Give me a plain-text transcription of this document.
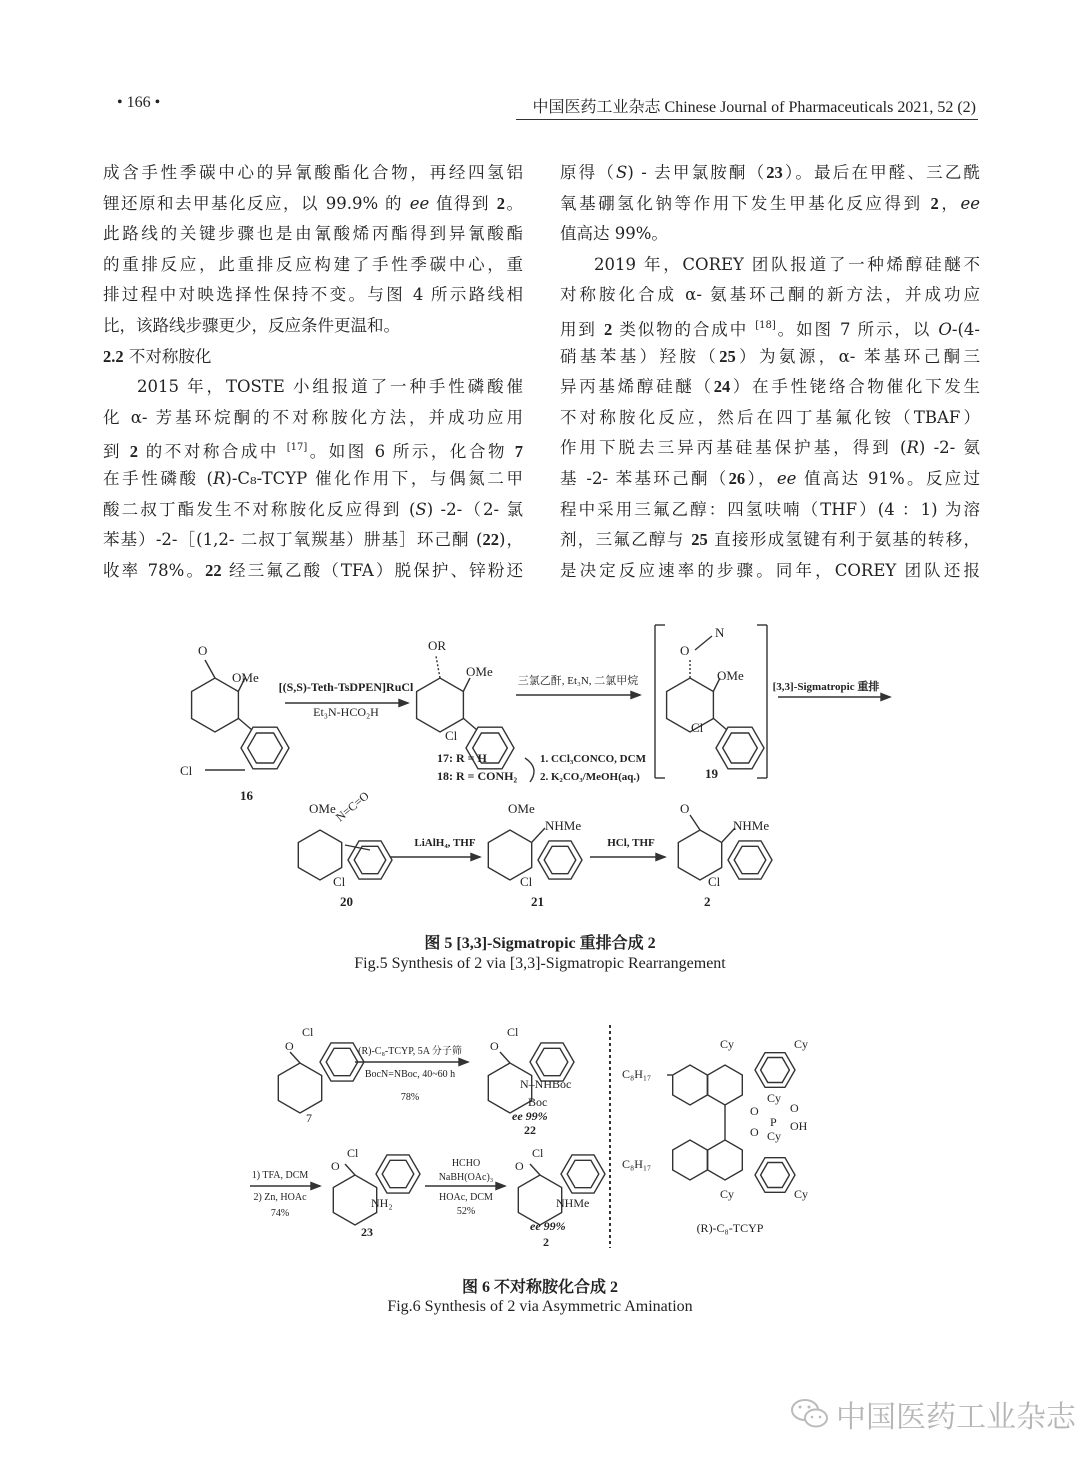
• 166 •	中国医药工业杂志 Chinese Journal of Pharmaceuticals 2021, 52 (2)
成含手性季碳中心的异氰酸酯化合物，再经四氢铝
锂还原和去甲基化反应，以 99.9% 的 ee 值得到 2。
此路线的关键步骤也是由氰酸烯丙酯得到异氰酸酯
的重排反应，此重排反应构建了手性季碳中心，重
排过程中对映选择性保持不变。与图 4 所示路线相
比，该路线步骤更少，反应条件更温和。
2.2 不对称胺化
2015 年，TOSTE 小组报道了一种手性磷酸催
化 α- 芳基环烷酮的不对称胺化方法，并成功应用
到 2 的不对称合成中 [17]。如图 6 所示，化合物 7
在手性磷酸 (R)-C₈-TCYP 催化作用下，与偶氮二甲
酸二叔丁酯发生不对称胺化反应得到 (S) -2-（2- 氯
苯基）-2-［(1,2- 二叔丁氧羰基）肼基］环己酮 (22)，
收率 78%。22 经三氟乙酸（TFA）脱保护、锌粉还
原得（S) - 去甲氯胺酮（23）。最后在甲醛、三乙酰
氧基硼氢化钠等作用下发生甲基化反应得到 2，ee
值高达 99%。
2019 年，COREY 团队报道了一种烯醇硅醚不
对称胺化合成 α- 氨基环己酮的新方法，并成功应
用到 2 类似物的合成中 [18]。如图 7 所示，以 O-(4-
硝基苯基）羟胺（25）为氨源，α- 苯基环己酮三
异丙基烯醇硅醚（24）在手性铑络合物催化下发生
不对称胺化反应，然后在四丁基氟化铵（TBAF）
作用下脱去三异丙基硅基保护基，得到 (R) -2- 氨
基 -2- 苯基环己酮（26），ee 值高达 91%。反应过
程中采用三氟乙醇：四氢呋喃（THF）(4 ：1) 为溶
剂，三氟乙醇与 25 直接形成氢键有利于氨基的转移，
是决定反应速率的步骤。同年，COREY 团队还报
O
OMe
Cl
16
[(S,S)-Teth-TsDPEN]RuCl
Et₃N-HCO₂H
OR
OMe
Cl
17: R = H
18: R = CONH₂
1. CCl₃CONCO, DCM
2. K₂CO₃/MeOH(aq.)
三氯乙酐, Et₃N, 二氯甲烷
O
N
OMe
Cl
19
[3,3]-Sigmatropic 重排
OMe
N=C=O
Cl
20
LiAlH₄, THF
OMe
NHMe
Cl
21
HCl, THF
O
NHMe
Cl
2
O
Cl
7
(R)-C₈-TCYP, 5A 分子筛
BocN=NBoc, 40~60 h
78%
O
Cl
N‒NHBoc
Boc
ee 99%
22
1) TFA, DCM
2) Zn, HOAc
74%
O
Cl
NH₂
23
HCHO
NaBH(OAc)₃
HOAc, DCM
52%
O
Cl
NHMe
ee 99%
2
C₈H₁₇
C₈H₁₇
Cy	Cy
Cy
Cy
Cy	Cy
O
O
P
O
OH
(R)-C₈-TCYP
图 5 [3,3]-Sigmatropic 重排合成 2
Fig.5 Synthesis of 2 via [3,3]-Sigmatropic Rearrangement
图 6 不对称胺化合成 2
Fig.6 Synthesis of 2 via Asymmetric Amination
中国医药工业杂志
